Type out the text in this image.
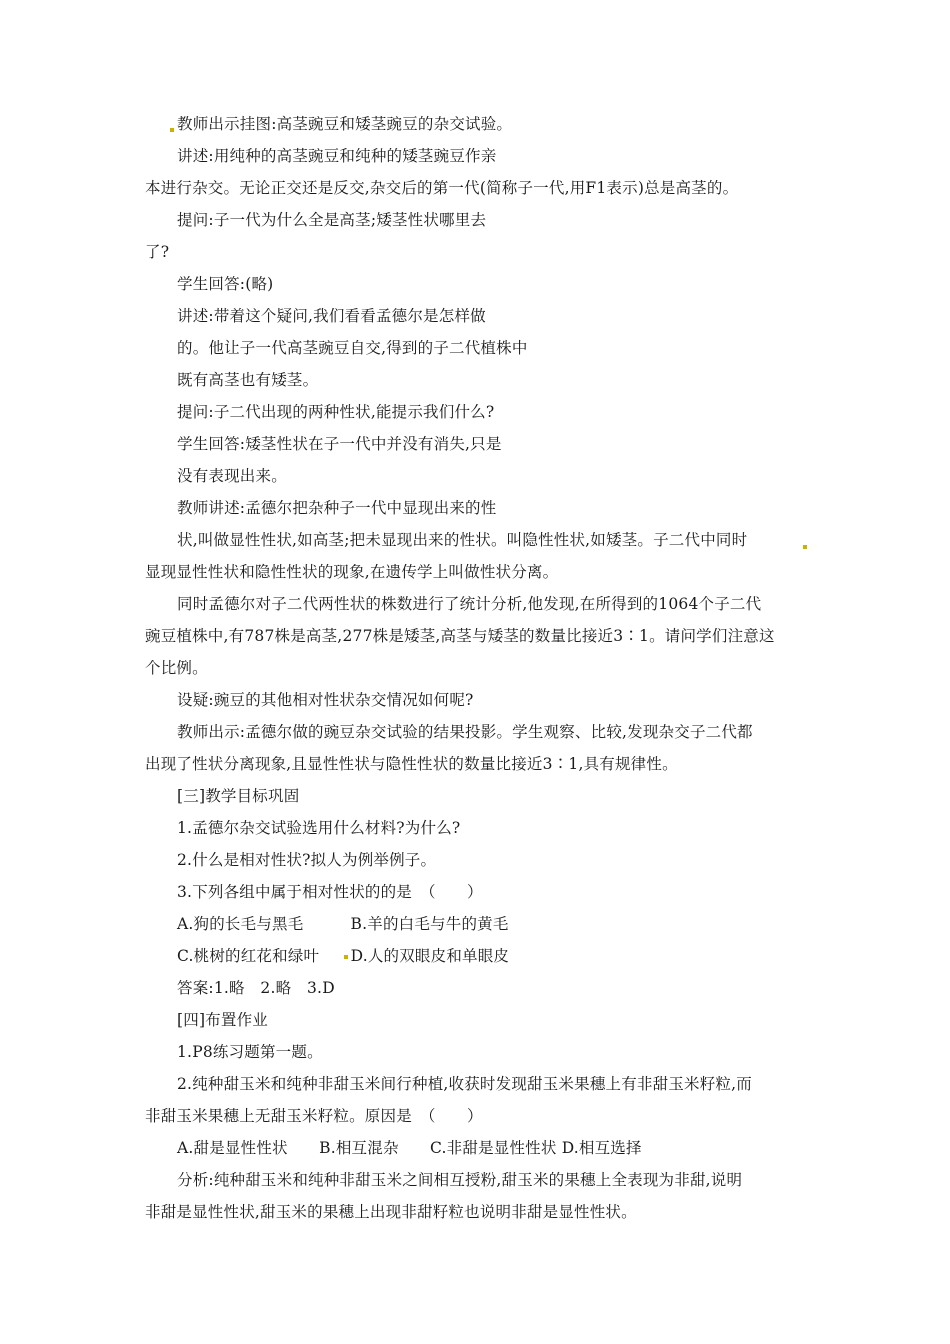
教师出示挂图:高茎豌豆和矮茎豌豆的杂交试验。
讲述:用纯种的高茎豌豆和纯种的矮茎豌豆作亲
本进行杂交。无论正交还是反交,杂交后的第一代(简称子一代,用F1表示)总是高茎的。
提问:子一代为什么全是高茎;矮茎性状哪里去
了?
学生回答:(略)
讲述:带着这个疑问,我们看看孟德尔是怎样做
的。他让子一代高茎豌豆自交,得到的子二代植株中
既有高茎也有矮茎。
提问:子二代出现的两种性状,能提示我们什么?
学生回答:矮茎性状在子一代中并没有消失,只是
没有表现出来。
教师讲述:孟德尔把杂种子一代中显现出来的性
状,叫做显性性状,如高茎;把未显现出来的性状。叫隐性性状,如矮茎。子二代中同时
显现显性性状和隐性性状的现象,在遗传学上叫做性状分离。
同时孟德尔对子二代两性状的株数进行了统计分析,他发现,在所得到的1064个子二代
豌豆植株中,有787株是高茎,277株是矮茎,高茎与矮茎的数量比接近3∶1。请问学们注意这
个比例。
设疑:豌豆的其他相对性状杂交情况如何呢?
教师出示:孟德尔做的豌豆杂交试验的结果投影。学生观察、比较,发现杂交子二代都
出现了性状分离现象,且显性性状与隐性性状的数量比接近3∶1,具有规律性。
[三]教学目标巩固
1.孟德尔杂交试验选用什么材料?为什么?
2.什么是相对性状?拟人为例举例子。
3.下列各组中属于相对性状的的是　（　　）
A.狗的长毛与黑毛　　　B.羊的白毛与牛的黄毛
C.桃树的红花和绿叶　　D.人的双眼皮和单眼皮
答案:1.略　2.略　3.D
[四]布置作业
1.P8练习题第一题。
2.纯种甜玉米和纯种非甜玉米间行种植,收获时发现甜玉米果穗上有非甜玉米籽粒,而
非甜玉米果穗上无甜玉米籽粒。原因是　（　　）
A.甜是显性性状　　B.相互混杂　　C.非甜是显性性状 D.相互选择
分析:纯种甜玉米和纯种非甜玉米之间相互授粉,甜玉米的果穗上全表现为非甜,说明
非甜是显性性状,甜玉米的果穗上出现非甜籽粒也说明非甜是显性性状。
